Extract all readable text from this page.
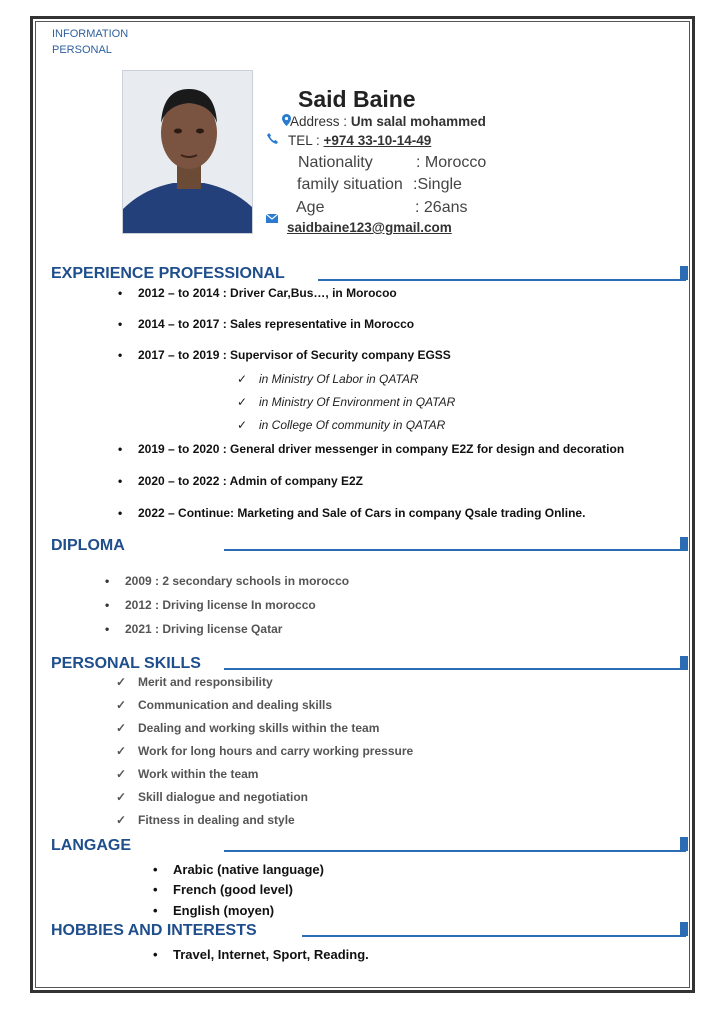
INFORMATION
PERSONAL
Said Baine
Address : Um salal mohammed
TEL : +974 33-10-14-49
Nationality	: Morocco
family situation :Single
Age	: 26ans
saidbaine123@gmail.com
EXPERIENCE PROFESSIONAL
• 2012 – to 2014 : Driver Car,Bus…, in Morocoo
• 2014 – to 2017 : Sales representative in Morocco
• 2017 – to 2019 : Supervisor of Security company EGSS
✓ in Ministry Of Labor in QATAR
✓ in Ministry Of Environment in QATAR
✓ in College Of community in QATAR
• 2019 – to 2020 : General driver messenger in company E2Z for design and decoration
• 2020 – to 2022 : Admin of company E2Z
• 2022 – Continue: Marketing and Sale of Cars in company Qsale trading Online.
DIPLOMA
• 2009 : 2 secondary schools in morocco
• 2012 : Driving license In morocco
• 2021 : Driving license Qatar
PERSONAL SKILLS
✓ Merit and responsibility
✓ Communication and dealing skills
✓ Dealing and working skills within the team
✓ Work for long hours and carry working pressure
✓ Work within the team
✓ Skill dialogue and negotiation
✓ Fitness in dealing and style
LANGAGE
• Arabic (native language)
• French (good level)
• English (moyen)
HOBBIES AND INTERESTS
• Travel, Internet, Sport, Reading.
